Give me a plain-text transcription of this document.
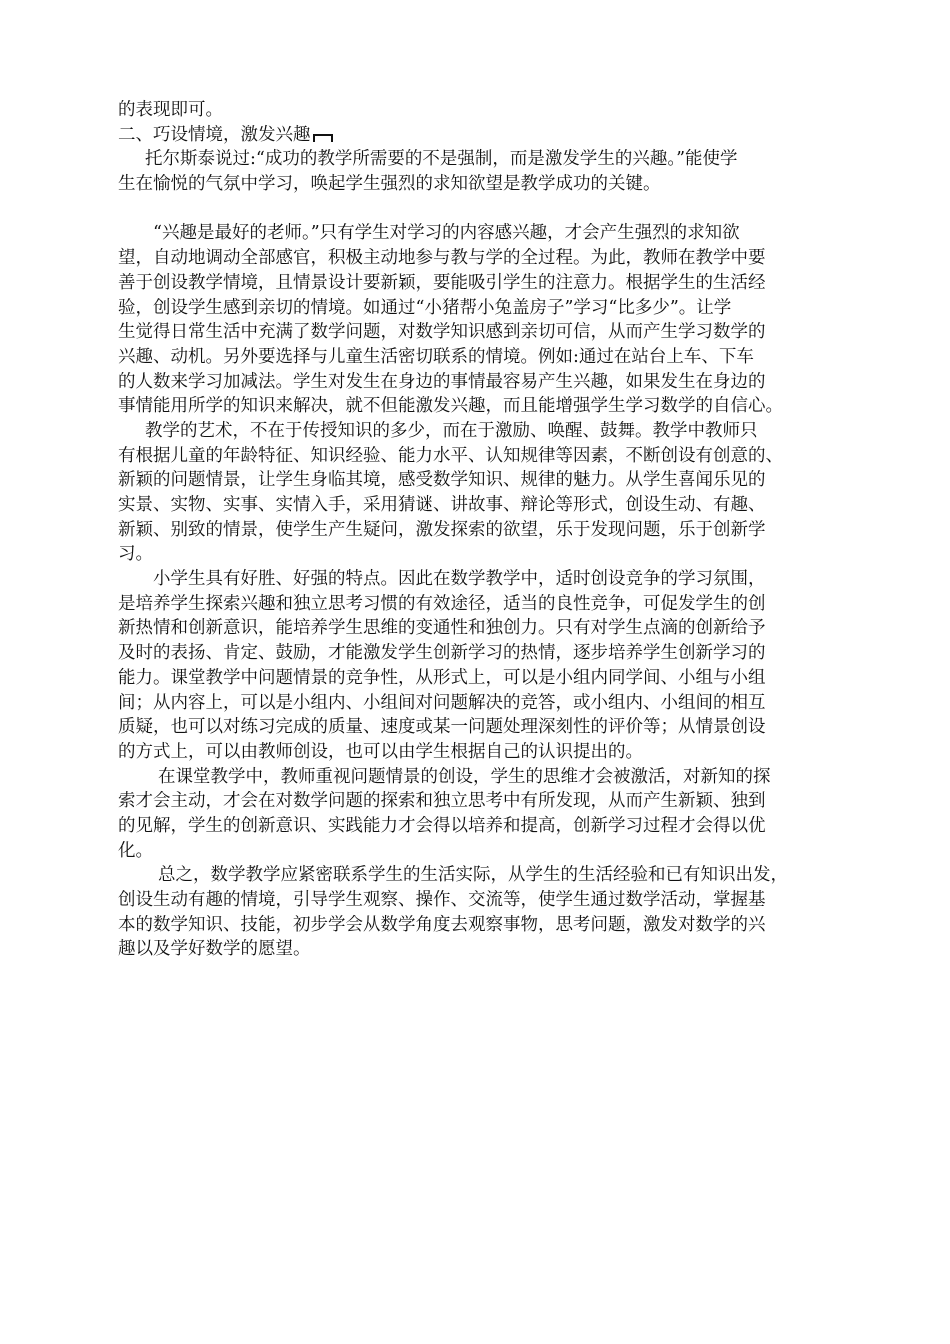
的表现即可。
二、巧设情境，激发兴趣
托尔斯泰说过:“成功的教学所需要的不是强制，而是激发学生的兴趣。”能使学
生在愉悦的气氛中学习，唤起学生强烈的求知欲望是教学成功的关键。
“兴趣是最好的老师。”只有学生对学习的内容感兴趣，才会产生强烈的求知欲
望，自动地调动全部感官，积极主动地参与教与学的全过程。为此，教师在教学中要
善于创设教学情境，且情景设计要新颖，要能吸引学生的注意力。根据学生的生活经
验，创设学生感到亲切的情境。如通过“小猪帮小兔盖房子”学习“比多少”。让学
生觉得日常生活中充满了数学问题，对数学知识感到亲切可信，从而产生学习数学的
兴趣、动机。另外要选择与儿童生活密切联系的情境。例如:通过在站台上车、下车
的人数来学习加减法。学生对发生在身边的事情最容易产生兴趣，如果发生在身边的
事情能用所学的知识来解决，就不但能激发兴趣，而且能增强学生学习数学的自信心。
教学的艺术，不在于传授知识的多少，而在于激励、唤醒、鼓舞。教学中教师只
有根据儿童的年龄特征、知识经验、能力水平、认知规律等因素，不断创设有创意的、
新颖的问题情景，让学生身临其境，感受数学知识、规律的魅力。从学生喜闻乐见的
实景、实物、实事、实情入手，采用猜谜、讲故事、辩论等形式，创设生动、有趣、
新颖、别致的情景，使学生产生疑问，激发探索的欲望，乐于发现问题，乐于创新学
习。
小学生具有好胜、好强的特点。因此在数学教学中，适时创设竞争的学习氛围，
是培养学生探索兴趣和独立思考习惯的有效途径，适当的良性竞争，可促发学生的创
新热情和创新意识，能培养学生思维的变通性和独创力。只有对学生点滴的创新给予
及时的表扬、肯定、鼓励，才能激发学生创新学习的热情，逐步培养学生创新学习的
能力。课堂教学中问题情景的竞争性，从形式上，可以是小组内同学间、小组与小组
间；从内容上，可以是小组内、小组间对问题解决的竞答，或小组内、小组间的相互
质疑，也可以对练习完成的质量、速度或某一问题处理深刻性的评价等；从情景创设
的方式上，可以由教师创设，也可以由学生根据自己的认识提出的。
在课堂教学中，教师重视问题情景的创设，学生的思维才会被激活，对新知的探
索才会主动，才会在对数学问题的探索和独立思考中有所发现，从而产生新颖、独到
的见解，学生的创新意识、实践能力才会得以培养和提高，创新学习过程才会得以优
化。
总之，数学教学应紧密联系学生的生活实际，从学生的生活经验和已有知识出发，
创设生动有趣的情境，引导学生观察、操作、交流等，使学生通过数学活动，掌握基
本的数学知识、技能，初步学会从数学角度去观察事物，思考问题，激发对数学的兴
趣以及学好数学的愿望。
